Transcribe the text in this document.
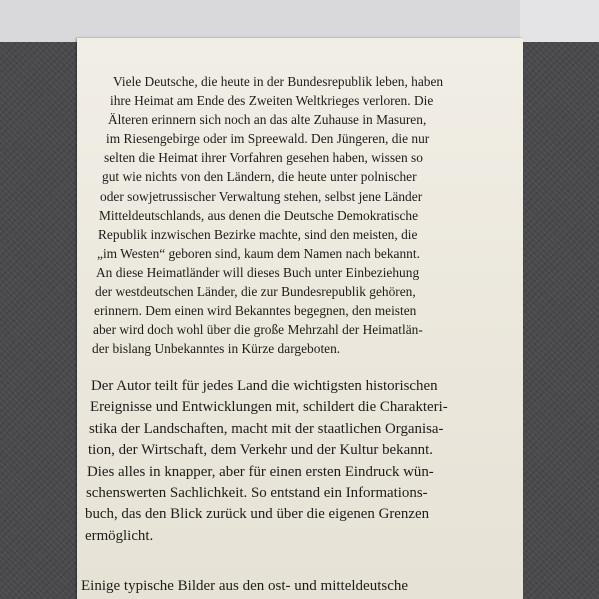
Viele Deutsche, die heute in der Bundesrepublik leben, haben
ihre Heimat am Ende des Zweiten Weltkrieges verloren. Die
Älteren erinnern sich noch an das alte Zuhause in Masuren,
im Riesengebirge oder im Spreewald. Den Jüngeren, die nur
selten die Heimat ihrer Vorfahren gesehen haben, wissen so
gut wie nichts von den Ländern, die heute unter polnischer
oder sowjetrussischer Verwaltung stehen, selbst jene Länder
Mitteldeutschlands, aus denen die Deutsche Demokratische
Republik inzwischen Bezirke machte, sind den meisten, die
„im Westen“ geboren sind, kaum dem Namen nach bekannt.
An diese Heimatländer will dieses Buch unter Einbeziehung
der westdeutschen Länder, die zur Bundesrepublik gehören,
erinnern. Dem einen wird Bekanntes begegnen, den meisten
aber wird doch wohl über die große Mehrzahl der Heimatlän-
der bislang Unbekanntes in Kürze dargeboten.
Der Autor teilt für jedes Land die wichtigsten historischen
Ereignisse und Entwicklungen mit, schildert die Charakteri-
stika der Landschaften, macht mit der staatlichen Organisa-
tion, der Wirtschaft, dem Verkehr und der Kultur bekannt.
Dies alles in knapper, aber für einen ersten Eindruck wün-
schenswerten Sachlichkeit. So entstand ein Informations-
buch, das den Blick zurück und über die eigenen Grenzen
ermöglicht.
Einige typische Bilder aus den ost- und mitteldeutsche
